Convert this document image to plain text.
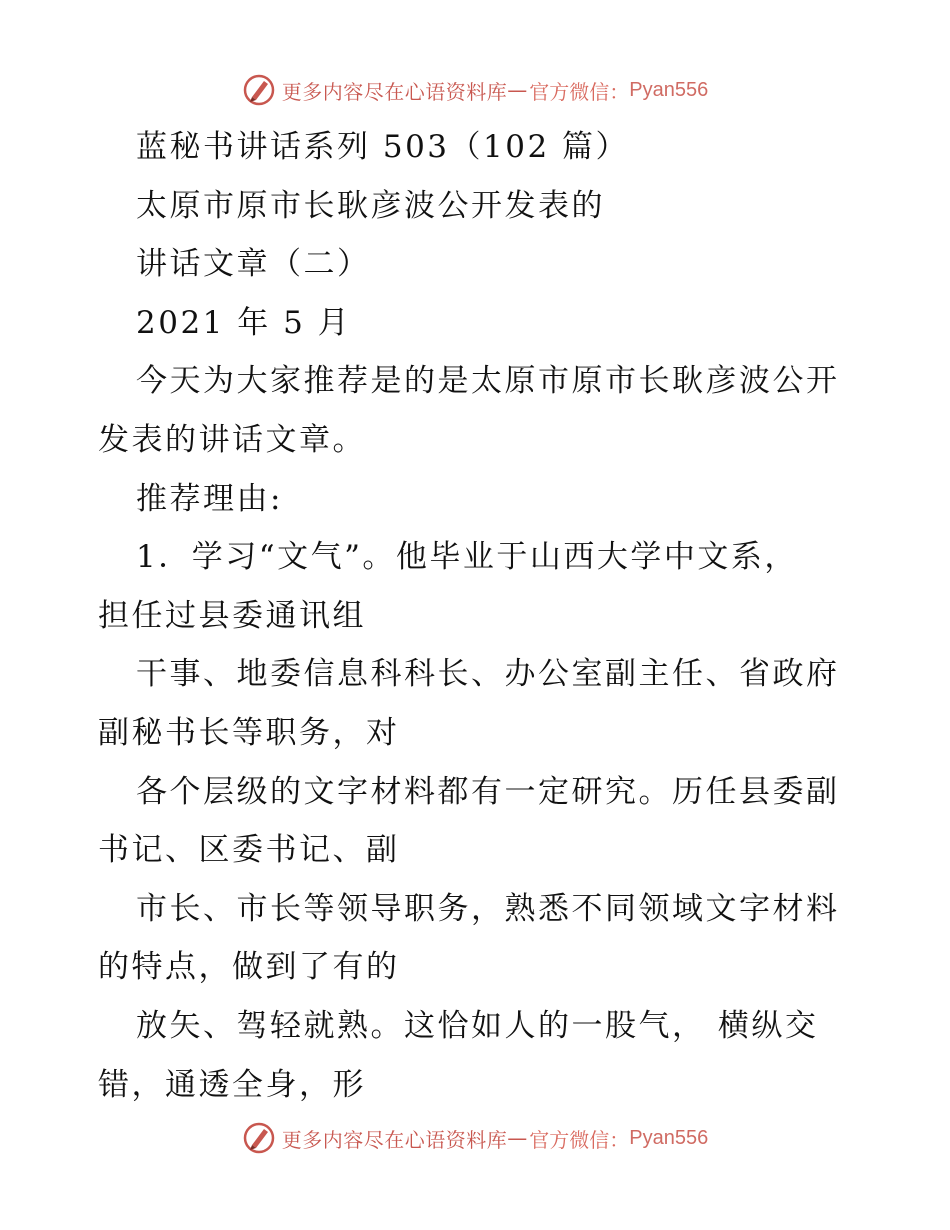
更多内容尽在心语资料库 — 官方微信： Pyan556
蓝秘书讲话系列 503（102 篇）
太原市原市长耿彦波公开发表的
讲话文章（二）
2021 年 5 月
今天为大家推荐是的是太原市原市长耿彦波公开
发表的讲话文章。
推荐理由:
1．学习“文气”。他毕业于山西大学中文系，
担任过县委通讯组
干事、地委信息科科长、办公室副主任、省政府
副秘书长等职务，对
各个层级的文字材料都有一定研究。历任县委副
书记、区委书记、副
市长、市长等领导职务，熟悉不同领域文字材料
的特点，做到了有的
放矢、驾轻就熟。这恰如人的一股气， 横纵交
错，通透全身，形
更多内容尽在心语资料库 — 官方微信： Pyan556
